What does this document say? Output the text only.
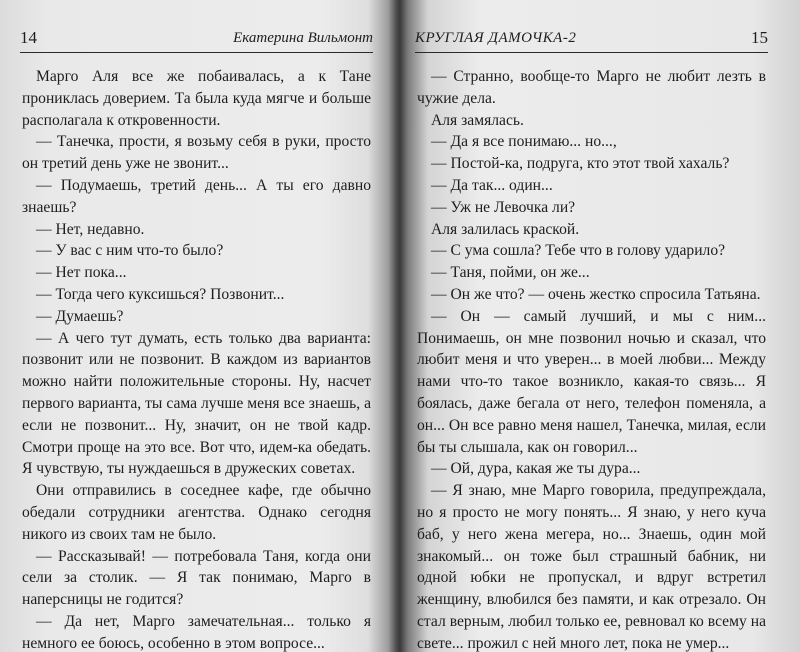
14	Екатерина Вильмонт

Марго Аля все же побаивалась, а к Тане прониклась доверием. Та была куда мягче и больше располагала к откровенности.

— Танечка, прости, я возьму себя в руки, просто он третий день уже не звонит...

— Подумаешь, третий день... А ты его давно знаешь?

— Нет, недавно.

— У вас с ним что-то было?

— Нет пока...

— Тогда чего куксишься? Позвонит...

— Думаешь?

— А чего тут думать, есть только два варианта: позвонит или не позвонит. В каждом из вариантов можно найти положительные стороны. Ну, насчет первого варианта, ты сама лучше меня все знаешь, а если не позвонит... Ну, значит, он не твой кадр. Смотри проще на это все. Вот что, идем-ка обедать. Я чувствую, ты нуждаешься в дружеских советах.

Они отправились в соседнее кафе, где обычно обедали сотрудники агентства. Однако сегодня никого из своих там не было.

— Рассказывай! — потребовала Таня, когда они сели за столик. — Я так понимаю, Марго в наперсницы не годится?

— Да нет, Марго замечательная... только я немного ее боюсь, особенно в этом вопросе...

КРУГЛАЯ ДАМОЧКА-2	15

— Странно, вообще-то Марго не любит лезть в чужие дела.

Аля замялась.

— Да я все понимаю... но...,

— Постой-ка, подруга, кто этот твой хахаль?

— Да так... один...

— Уж не Левочка ли?

Аля залилась краской.

— С ума сошла? Тебе что в голову ударило?

— Таня, пойми, он же...

— Он же что? — очень жестко спросила Татьяна.

— Он — самый лучший, и мы с ним... Понимаешь, он мне позвонил ночью и сказал, что любит меня и что уверен... в моей любви... Между нами что-то такое возникло, какая-то связь... Я боялась, даже бегала от него, телефон поменяла, а он... Он все равно меня нашел, Танечка, милая, если бы ты слышала, как он говорил...

— Ой, дура, какая же ты дура...

— Я знаю, мне Марго говорила, предупреждала, но я просто не могу понять... Я знаю, у него куча баб, у него жена мегера, но... Знаешь, один мой знакомый... он тоже был страшный бабник, ни одной юбки не пропускал, и вдруг встретил женщину, влюбился без памяти, и как отрезало. Он стал верным, любил только ее, ревновал ко всему на свете... прожил с ней много лет, пока не умер...
